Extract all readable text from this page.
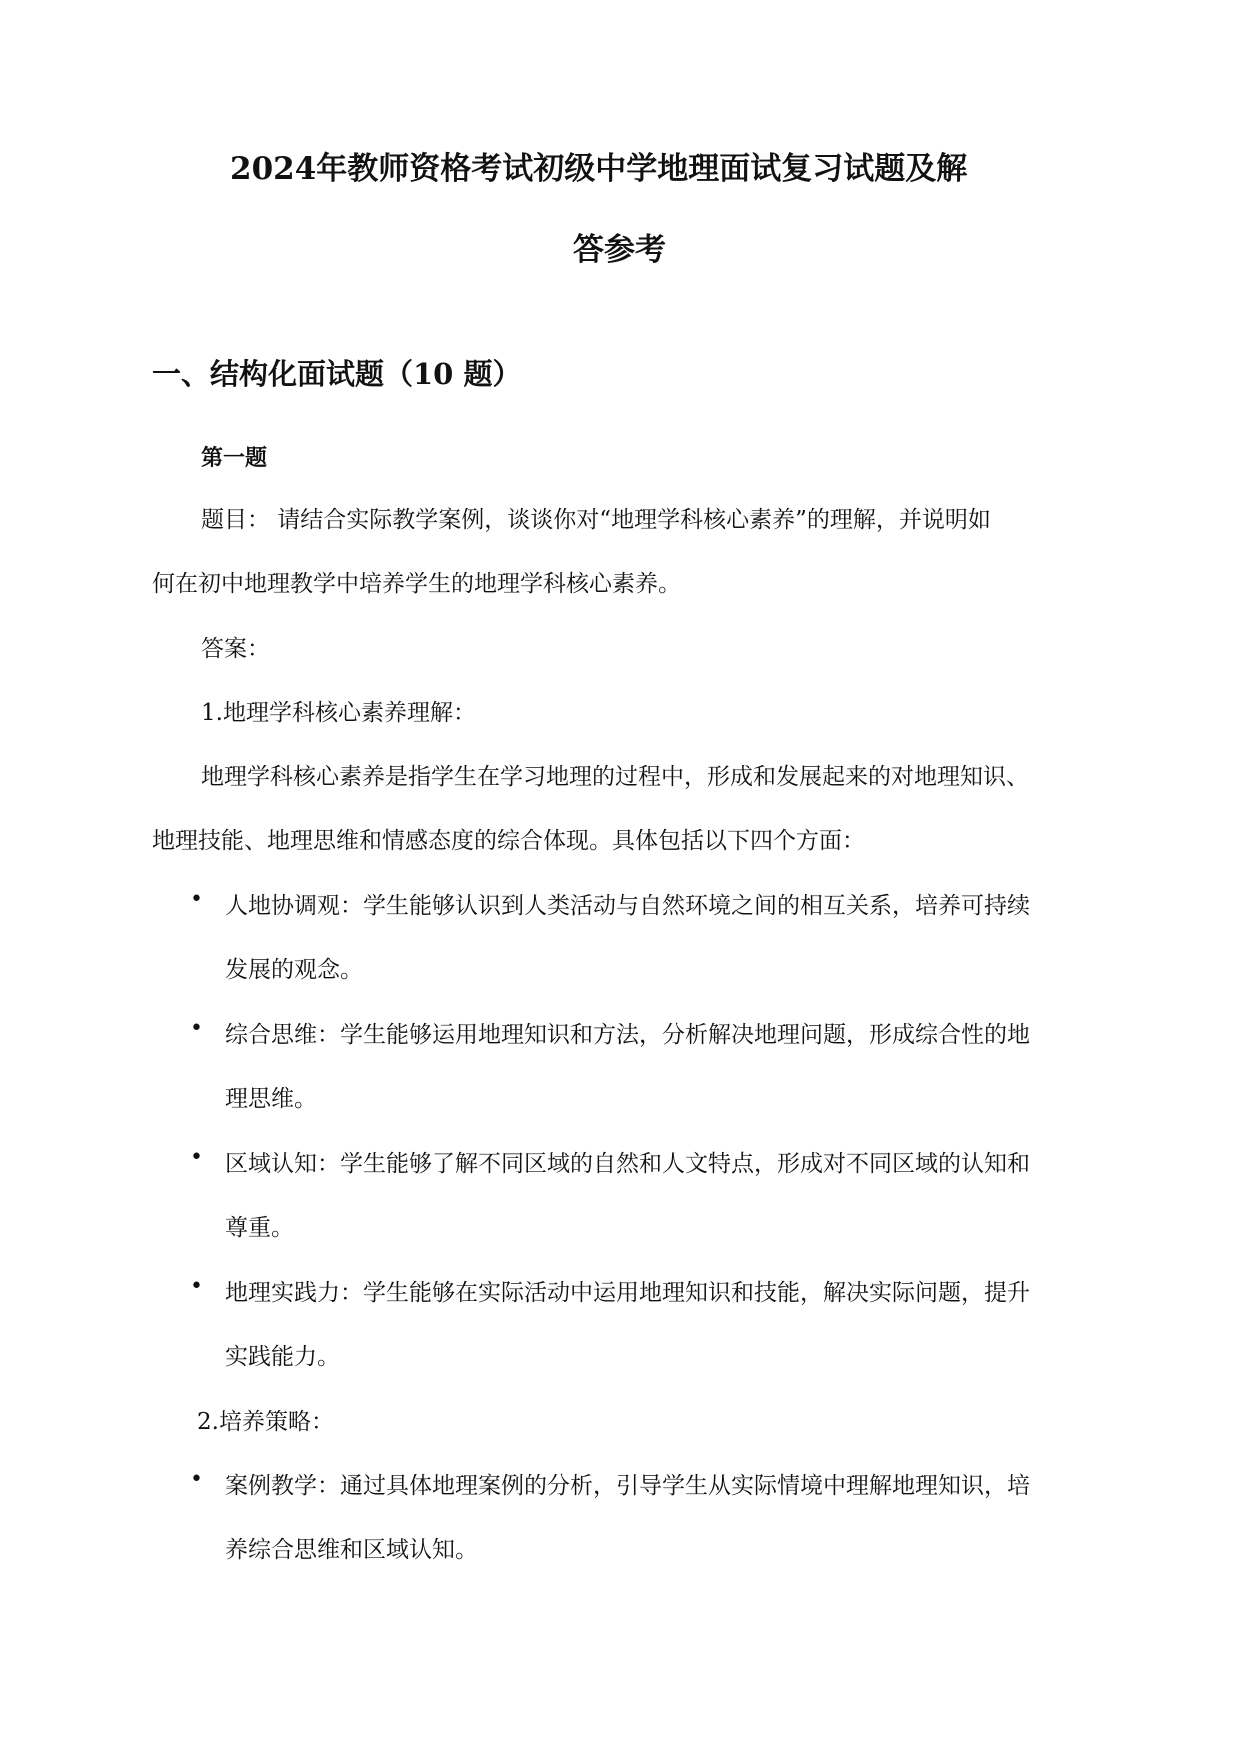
2024年教师资格考试初级中学地理面试复习试题及解
答参考
一、结构化面试题（10 题）
第一题
题目： 请结合实际教学案例，谈谈你对“地理学科核心素养”的理解，并说明如
何在初中地理教学中培养学生的地理学科核心素养。
答案：
1.地理学科核心素养理解：
地理学科核心素养是指学生在学习地理的过程中，形成和发展起来的对地理知识、
地理技能、地理思维和情感态度的综合体现。具体包括以下四个方面：
• 人地协调观：学生能够认识到人类活动与自然环境之间的相互关系，培养可持续
发展的观念。
• 综合思维：学生能够运用地理知识和方法，分析解决地理问题，形成综合性的地
理思维。
• 区域认知：学生能够了解不同区域的自然和人文特点，形成对不同区域的认知和
尊重。
• 地理实践力：学生能够在实际活动中运用地理知识和技能，解决实际问题，提升
实践能力。
2.培养策略：
• 案例教学：通过具体地理案例的分析，引导学生从实际情境中理解地理知识，培
养综合思维和区域认知。
